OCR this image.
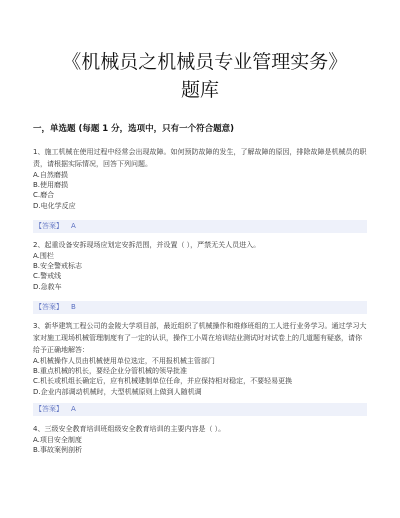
《机械员之机械员专业管理实务》题库
一，单选题 (每题 1 分，选项中，只有一个符合题意)

1、施工机械在使用过程中经常会出现故障。如何预防故障的发生，了解故障的原因，排除故障是机械员的职责，请根据实际情况，回答下列问题。

A.自然磨损
B.使用磨损
C.磨合
D.电化学反应
【答案】 A

2、起重设备安拆现场应划定安拆范围，并设置（ ），严禁无关人员进入。

A.围栏
B.安全警戒标志
C.警戒线
D.急救车
【答案】 B

3、新华建筑工程公司的金陵大学项目部，最近组织了机械操作和维修班组的工人进行业务学习。通过学习大家对施工现场机械管理制度有了一定的认识，操作工小周在培训结业测试时对试卷上的几道题有疑惑，请你给予正确地解答：

A.机械操作人员由机械使用单位选定，不用报机械主管部门
B.重点机械的机长，要经企业分管机械的领导批准
C.机长或机组长确定后，应有机械建制单位任命，并应保持相对稳定，不要轻易更换
D.企业内部调动机械时，大型机械原则上做到人随机调
【答案】 A

4、三级安全教育培训班组级安全教育培训的主要内容是（ ）。

A.项目安全制度
B.事故案例剖析
